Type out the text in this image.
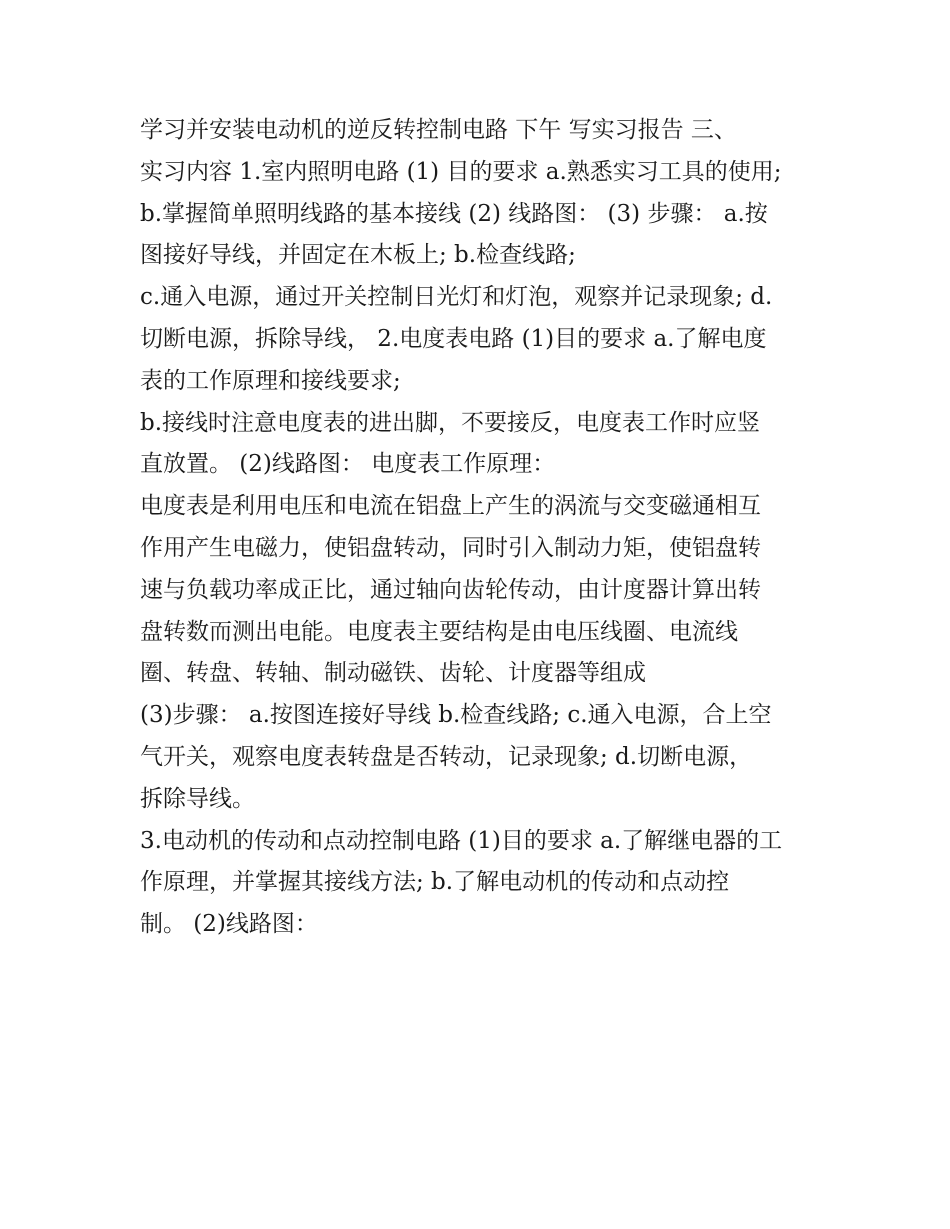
学习并安装电动机的逆反转控制电路 下午 写实习报告 三、
实习内容 1.室内照明电路 (1) 目的要求 a.熟悉实习工具的使用;
b.掌握简单照明线路的基本接线 (2) 线路图： (3) 步骤： a.按
图接好导线，并固定在木板上; b.检查线路;
c.通入电源，通过开关控制日光灯和灯泡，观察并记录现象; d.
切断电源，拆除导线， 2.电度表电路 (1)目的要求 a.了解电度
表的工作原理和接线要求;
b.接线时注意电度表的进出脚，不要接反，电度表工作时应竖
直放置。 (2)线路图： 电度表工作原理：
电度表是利用电压和电流在铝盘上产生的涡流与交变磁通相互
作用产生电磁力，使铝盘转动，同时引入制动力矩，使铝盘转
速与负载功率成正比，通过轴向齿轮传动，由计度器计算出转
盘转数而测出电能。电度表主要结构是由电压线圈、电流线
圈、转盘、转轴、制动磁铁、齿轮、计度器等组成
(3)步骤： a.按图连接好导线 b.检查线路; c.通入电源，合上空
气开关，观察电度表转盘是否转动，记录现象; d.切断电源，
拆除导线。
3.电动机的传动和点动控制电路 (1)目的要求 a.了解继电器的工
作原理，并掌握其接线方法; b.了解电动机的传动和点动控
制。 (2)线路图：
